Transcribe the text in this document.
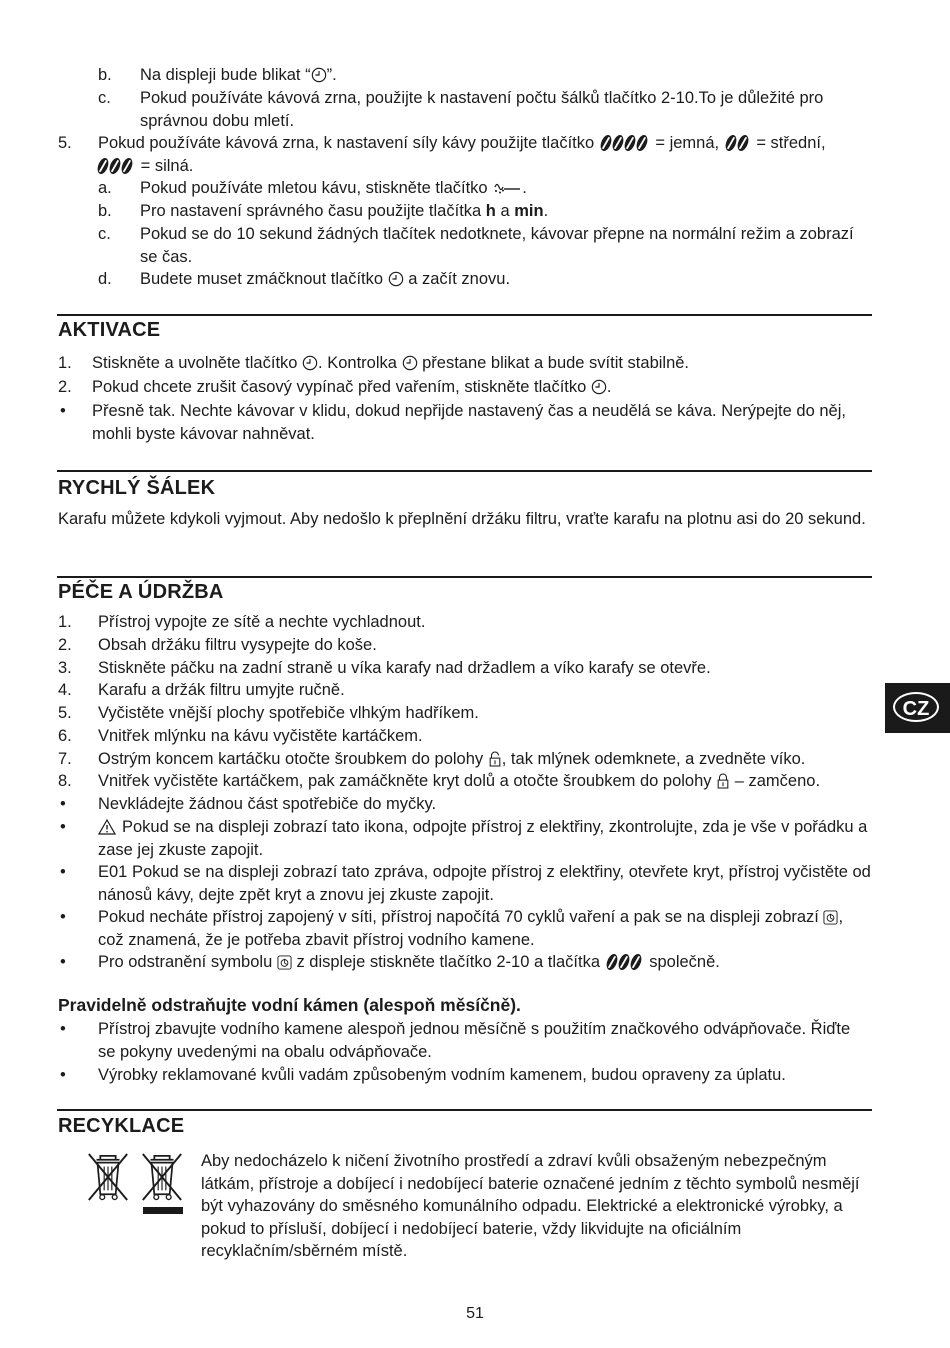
b. Na displeji bude blikat “ ”.
c. Pokud používáte kávová zrna, použijte k nastavení počtu šálků tlačítko 2-10.To je důležité pro správnou dobu mletí.
5. Pokud používáte kávová zrna, k nastavení síly kávy použijte tlačítko	= jemná, = střední,
= silná.
a. Pokud používáte mletou kávu, stiskněte tlačítko .
b. Pro nastavení správného času použijte tlačítka h a min.
c. Pokud se do 10 sekund žádných tlačítek nedotknete, kávovar přepne na normální režim a zobrazí se čas.
d. Budete muset zmáčknout tlačítko a začít znovu.
AKTIVACE
1. Stiskněte a uvolněte tlačítko . Kontrolka přestane blikat a bude svítit stabilně.
2. Pokud chcete zrušit časový vypínač před vařením, stiskněte tlačítko .
• Přesně tak. Nechte kávovar v klidu, dokud nepřijde nastavený čas a neudělá se káva. Nerýpejte do něj, mohli byste kávovar nahněvat.
RYCHLÝ ŠÁLEK
Karafu můžete kdykoli vyjmout. Aby nedošlo k přeplnění držáku filtru, vraťte karafu na plotnu asi do 20 sekund.
PÉČE A ÚDRŽBA
1. Přístroj vypojte ze sítě a nechte vychladnout.
2. Obsah držáku filtru vysypejte do koše.
3. Stiskněte páčku na zadní straně u víka karafy nad držadlem a víko karafy se otevře.
4. Karafu a držák filtru umyjte ručně.
5. Vyčistěte vnější plochy spotřebiče vlhkým hadříkem.
6. Vnitřek mlýnku na kávu vyčistěte kartáčkem.
7. Ostrým koncem kartáčku otočte šroubkem do polohy , tak mlýnek odemknete, a zvedněte víko.
8. Vnitřek vyčistěte kartáčkem, pak zamáčkněte kryt dolů a otočte šroubkem do polohy – zamčeno.
• Nevkládejte žádnou část spotřebiče do myčky.
•	Pokud se na displeji zobrazí tato ikona, odpojte přístroj z elektřiny, zkontrolujte, zda je vše v pořádku a zase jej zkuste zapojit.
• E01 Pokud se na displeji zobrazí tato zpráva, odpojte přístroj z elektřiny, otevřete kryt, přístroj vyčistěte od nánosů kávy, dejte zpět kryt a znovu jej zkuste zapojit.
• Pokud necháte přístroj zapojený v síti, přístroj napočítá 70 cyklů vaření a pak se na displeji zobrazí , což znamená, že je potřeba zbavit přístroj vodního kamene.
• Pro odstranění symbolu z displeje stiskněte tlačítko 2-10 a tlačítka	společně.
Pravidelně odstraňujte vodní kámen (alespoň měsíčně).
• Přístroj zbavujte vodního kamene alespoň jednou měsíčně s použitím značkového odvápňovače. Řiďte se pokyny uvedenými na obalu odvápňovače.
• Výrobky reklamované kvůli vadám způsobeným vodním kamenem, budou opraveny za úplatu.
RECYKLACE
Aby nedocházelo k ničení životního prostředí a zdraví kvůli obsaženým nebezpečným látkám, přístroje a dobíjecí i nedobíjecí baterie označené jedním z těchto symbolů nesmějí být vyhazovány do směsného komunálního odpadu. Elektrické a elektronické výrobky, a pokud to přísluší, dobíjecí i nedobíjecí baterie, vždy likvidujte na oficiálním recyklačním/sběrném místě.
CZ
51
